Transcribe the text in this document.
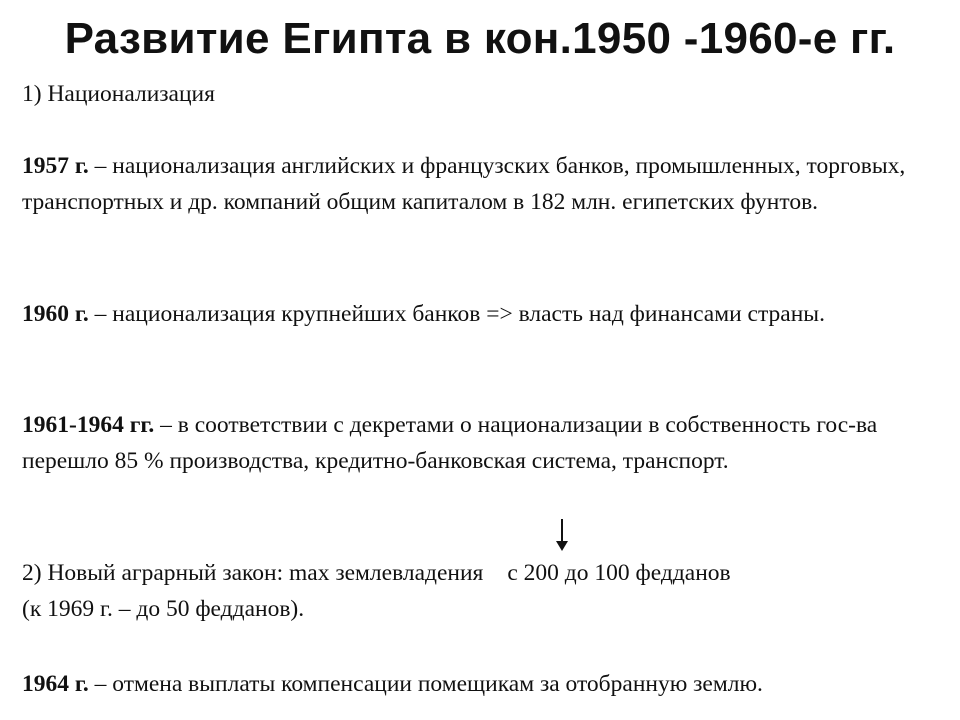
Развитие Египта в кон.1950 -1960-е гг.
1) Национализация
1957 г. – национализация английских и французских банков, промышленных, торговых, транспортных и др. компаний общим капиталом в 182 млн. египетских фунтов.
1960 г. – национализация крупнейших банков => власть над финансами страны.
1961-1964 гг. – в соответствии с декретами о национализации в собственность гос-ва перешло 85 % производства, кредитно-банковская система, транспорт.
2) Новый аграрный закон: max землевладения с 200 до 100 федданов
(к 1969 г. – до 50 федданов).
1964 г. – отмена выплаты компенсации помещикам за отобранную землю.
